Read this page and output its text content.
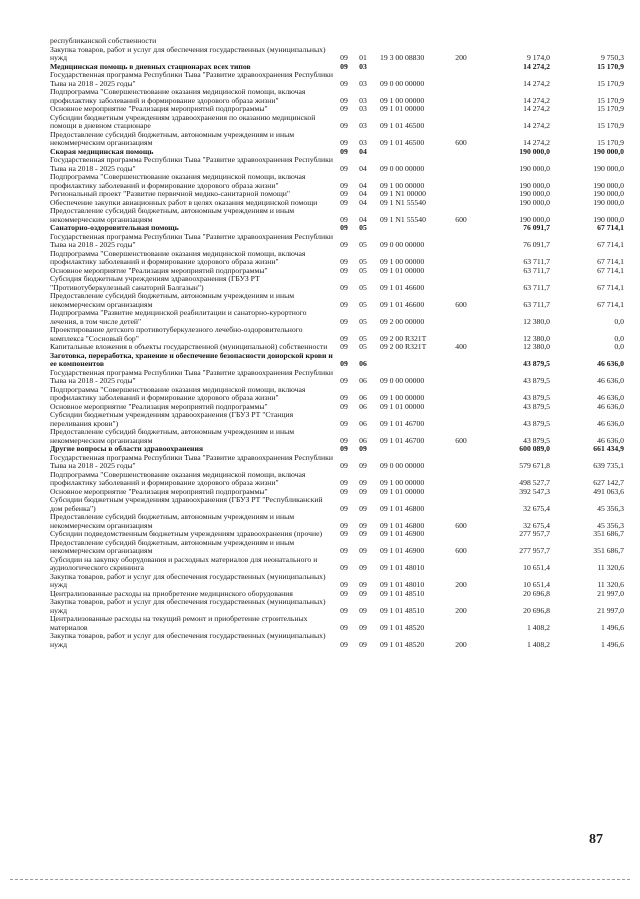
республиканской собственности						
Закупка товаров, работ и услуг для обеспечения государственных (муниципальных) нужд	09	01	19 3 00 08830	200	9 174,0	9 750,3
Медицинская помощь в дневных стационарах всех типов	09	03			14 274,2	15 170,9
Государственная программа Республики Тыва "Развитие здравоохранения Республики Тыва на 2018 - 2025 годы"	09	03	09 0 00 00000		14 274,2	15 170,9
Подпрограмма "Совершенствование оказания медицинской помощи, включая профилактику заболеваний и формирование здорового образа жизни"	09	03	09 1 00 00000		14 274,2	15 170,9
Основное мероприятие "Реализация мероприятий подпрограммы"	09	03	09 1 01 00000		14 274,2	15 170,9
Субсидии бюджетным учреждениям здравоохранения по оказанию медицинской помощи в дневном стационаре	09	03	09 1 01 46500		14 274,2	15 170,9
Предоставление субсидий бюджетным, автономным учреждениям и иным некоммерческим организациям	09	03	09 1 01 46500	600	14 274,2	15 170,9
Скорая медицинская помощь	09	04			190 000,0	190 000,0
Государственная программа Республики Тыва "Развитие здравоохранения Республики Тыва на 2018 - 2025 годы"	09	04	09 0 00 00000		190 000,0	190 000,0
Подпрограмма "Совершенствование оказания медицинской помощи, включая профилактику заболеваний и формирование здорового образа жизни"	09	04	09 1 00 00000		190 000,0	190 000,0
Региональный проект "Развитие первичной медико-санитарной помощи"	09	04	09 1 N1 00000		190 000,0	190 000,0
Обеспечение закупки авиационных работ в целях оказания медицинской помощи	09	04	09 1 N1 55540		190 000,0	190 000,0
Предоставление субсидий бюджетным, автономным учреждениям и иным некоммерческим организациям	09	04	09 1 N1 55540	600	190 000,0	190 000,0
Санаторно-оздоровительная помощь	09	05			76 091,7	67 714,1
Государственная программа Республики Тыва "Развитие здравоохранения Республики Тыва на 2018 - 2025 годы"	09	05	09 0 00 00000		76 091,7	67 714,1
Подпрограмма "Совершенствование оказания медицинской помощи, включая профилактику заболеваний и формирование здорового образа жизни"	09	05	09 1 00 00000		63 711,7	67 714,1
Основное мероприятие "Реализация мероприятий подпрограммы"	09	05	09 1 01 00000		63 711,7	67 714,1
Субсидия бюджетным учреждениям здравоохранения (ГБУЗ РТ "Противотуберкулезный санаторий Балгазын")	09	05	09 1 01 46600		63 711,7	67 714,1
Предоставление субсидий бюджетным, автономным учреждениям и иным некоммерческим организациям	09	05	09 1 01 46600	600	63 711,7	67 714,1
Подпрограмма "Развитие медицинской реабилитации и санаторно-курортного лечения, в том числе детей"	09	05	09 2 00 00000		12 380,0	0,0
Проектирование детского противотуберкулезного лечебно-оздоровительного комплекса "Сосновый бор"	09	05	09 2 00 R321T		12 380,0	0,0
Капитальные вложения в объекты государственной (муниципальной) собственности	09	05	09 2 00 R321T	400	12 380,0	0,0
Заготовка, переработка, хранение и обеспечение безопасности донорской крови и ее компонентов	09	06			43 879,5	46 636,0
Государственная программа Республики Тыва "Развитие здравоохранения Республики Тыва на 2018 - 2025 годы"	09	06	09 0 00 00000		43 879,5	46 636,0
Подпрограмма "Совершенствование оказания медицинской помощи, включая профилактику заболеваний и формирование здорового образа жизни"	09	06	09 1 00 00000		43 879,5	46 636,0
Основное мероприятие "Реализация мероприятий подпрограммы"	09	06	09 1 01 00000		43 879,5	46 636,0
Субсидии бюджетным учреждениям здравоохранения (ГБУЗ РТ "Станция переливания крови")	09	06	09 1 01 46700		43 879,5	46 636,0
Предоставление субсидий бюджетным, автономным учреждениям и иным некоммерческим организациям	09	06	09 1 01 46700	600	43 879,5	46 636,0
Другие вопросы в области здравоохранения	09	09			600 089,0	661 434,9
Государственная программа Республики Тыва "Развитие здравоохранения Республики Тыва на 2018 - 2025 годы"	09	09	09 0 00 00000		579 671,8	639 735,1
Подпрограмма "Совершенствование оказания медицинской помощи, включая профилактику заболеваний и формирование здорового образа жизни"	09	09	09 1 00 00000		498 527,7	627 142,7
Основное мероприятие "Реализация мероприятий подпрограммы"	09	09	09 1 01 00000		392 547,3	491 063,6
Субсидии бюджетным учреждениям здравоохранения (ГБУЗ РТ "Республиканский дом ребенка")	09	09	09 1 01 46800		32 675,4	45 356,3
Предоставление субсидий бюджетным, автономным учреждениям и иным некоммерческим организациям	09	09	09 1 01 46800	600	32 675,4	45 356,3
Субсидии подведомственным бюджетным учреждениям здравоохранения (прочие)	09	09	09 1 01 46900		277 957,7	351 686,7
Предоставление субсидий бюджетным, автономным учреждениям и иным некоммерческим организациям	09	09	09 1 01 46900	600	277 957,7	351 686,7
Субсидии на закупку оборудования и расходных материалов для неонатального и аудиологического скрининга	09	09	09 1 01 48010		10 651,4	11 320,6
Закупка товаров, работ и услуг для обеспечения государственных (муниципальных) нужд	09	09	09 1 01 48010	200	10 651,4	11 320,6
Централизованные расходы на приобретение медицинского оборудования	09	09	09 1 01 48510		20 696,8	21 997,0
Закупка товаров, работ и услуг для обеспечения государственных (муниципальных) нужд	09	09	09 1 01 48510	200	20 696,8	21 997,0
Централизованные расходы на текущий ремонт и приобретение строительных материалов	09	09	09 1 01 48520		1 408,2	1 496,6
Закупка товаров, работ и услуг для обеспечения государственных (муниципальных) нужд	09	09	09 1 01 48520	200	1 408,2	1 496,6
87
